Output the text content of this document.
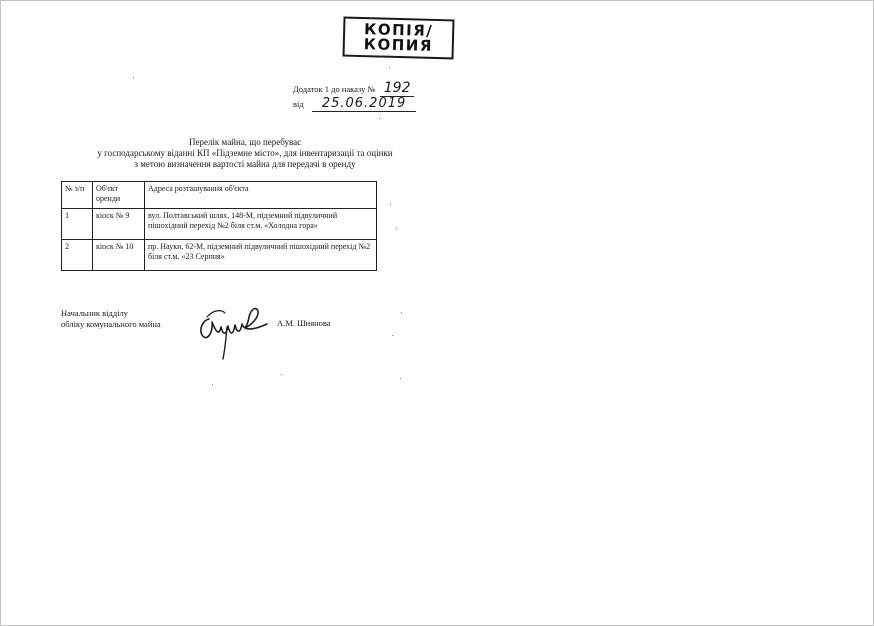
КОПІЯ/
КОПИЯ
Додаток 1 до наказу № 192
від 25.06.2019
Перелік майна, що перебуває
у господарському віданні КП «Підземне місто», для інвентаризації та оцінки
з метою визначення вартості майна для передачі в оренду
№ з/п	Об'єкт оренди	Адреса розташування об'єкта
1	кіоск № 9	вул. Полтавський шлях, 148-М, підземний підвуличний пішохідний перехід №2 біля ст.м. «Холодна гора»
2	кіоск № 10	пр. Науки, 62-М, підземний підвуличний пішохідний перехід №2 біля ст.м. «23 Серпня»
Начальник відділу
обліку комунального майна	А.М. Шиянова
